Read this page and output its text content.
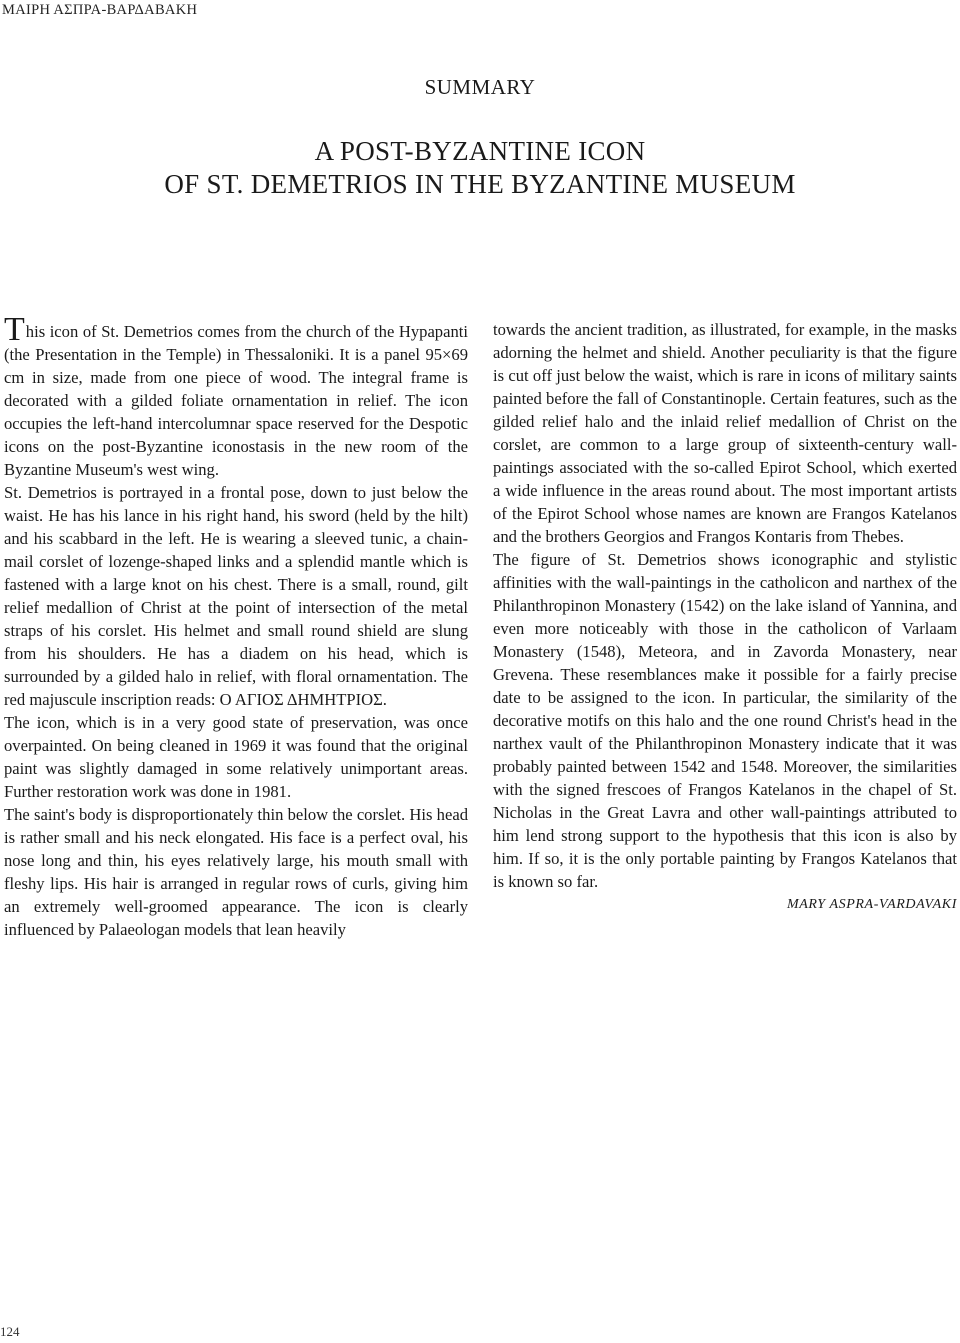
ΜΑΙΡΗ ΑΣΠΡΑ-ΒΑΡΔΑΒΑΚΗ
SUMMARY
A POST-BYZANTINE ICON
OF ST. DEMETRIOS IN THE BYZANTINE MUSEUM

This icon of St. Demetrios comes from the church of the Hypapanti (the Presentation in the Temple) in Thessaloniki. It is a panel 95×69 cm in size, made from one piece of wood. The integral frame is decorated with a gilded foliate ornamentation in relief. The icon occupies the left-hand intercolumnar space reserved for the Despotic icons on the post-Byzantine iconostasis in the new room of the Byzantine Museum's west wing.

St. Demetrios is portrayed in a frontal pose, down to just below the waist. He has his lance in his right hand, his sword (held by the hilt) and his scabbard in the left. He is wearing a sleeved tunic, a chain-mail corslet of lozenge-shaped links and a splendid mantle which is fastened with a large knot on his chest. There is a small, round, gilt relief medallion of Christ at the point of intersection of the metal straps of his corslet. His helmet and small round shield are slung from his shoulders. He has a diadem on his head, which is surrounded by a gilded halo in relief, with floral ornamentation. The red majuscule inscription reads: Ο ΑΓΙΟΣ ΔΗΜΗΤΡΙΟΣ.

The icon, which is in a very good state of preservation, was once overpainted. On being cleaned in 1969 it was found that the original paint was slightly damaged in some relatively unimportant areas. Further restoration work was done in 1981.

The saint's body is disproportionately thin below the corslet. His head is rather small and his neck elongated. His face is a perfect oval, his nose long and thin, his eyes relatively large, his mouth small with fleshy lips. His hair is arranged in regular rows of curls, giving him an extremely well-groomed appearance. The icon is clearly influenced by Palaeologan models that lean heavily

towards the ancient tradition, as illustrated, for example, in the masks adorning the helmet and shield. Another peculiarity is that the figure is cut off just below the waist, which is rare in icons of military saints painted before the fall of Constantinople. Certain features, such as the gilded relief halo and the inlaid relief medallion of Christ on the corslet, are common to a large group of sixteenth-century wall-paintings associated with the so-called Epirot School, which exerted a wide influence in the areas round about. The most important artists of the Epirot School whose names are known are Frangos Katelanos and the brothers Georgios and Frangos Kontaris from Thebes.

The figure of St. Demetrios shows iconographic and stylistic affinities with the wall-paintings in the catholicon and narthex of the Philanthropinon Monastery (1542) on the lake island of Yannina, and even more noticeably with those in the catholicon of Varlaam Monastery (1548), Meteora, and in Zavorda Monastery, near Grevena. These resemblances make it possible for a fairly precise date to be assigned to the icon. In particular, the similarity of the decorative motifs on this halo and the one round Christ's head in the narthex vault of the Philanthropinon Monastery indicate that it was probably painted between 1542 and 1548. Moreover, the similarities with the signed frescoes of Frangos Katelanos in the chapel of St. Nicholas in the Great Lavra and other wall-paintings attributed to him lend strong support to the hypothesis that this icon is also by him. If so, it is the only portable painting by Frangos Katelanos that is known so far.

MARY ASPRA-VARDAVAKI

124
